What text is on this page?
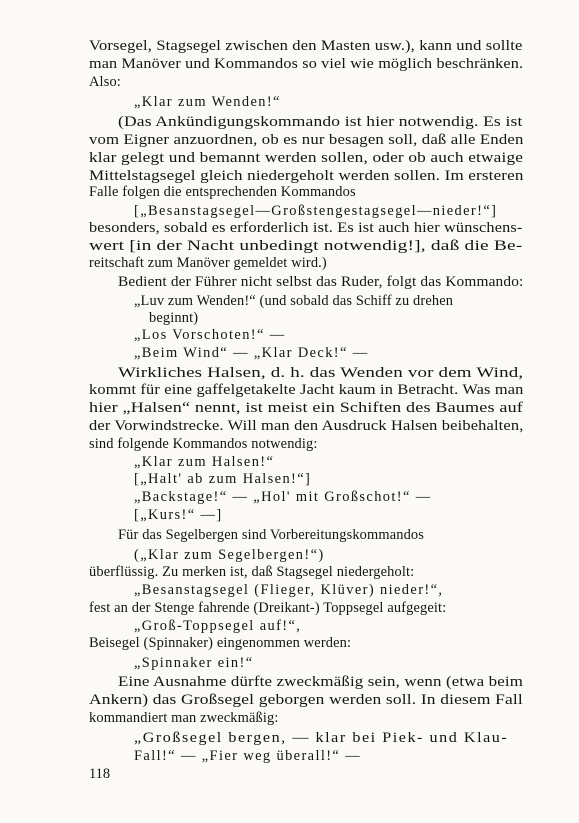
Vorsegel, Stagsegel zwischen den Masten usw.), kann und sollte
man Manöver und Kommandos so viel wie möglich beschränken.
Also:
„Klar zum Wenden!“
(Das Ankündigungskommando ist hier notwendig. Es ist
vom Eigner anzuordnen, ob es nur besagen soll, daß alle Enden
klar gelegt und bemannt werden sollen, oder ob auch etwaige
Mittelstagsegel gleich niedergeholt werden sollen. Im ersteren
Falle folgen die entsprechenden Kommandos
[„Besanstagsegel—Großstengestagsegel—nieder!“]
besonders, sobald es erforderlich ist. Es ist auch hier wünschens-
wert [in der Nacht unbedingt notwendig!], daß die Be-
reitschaft zum Manöver gemeldet wird.)
Bedient der Führer nicht selbst das Ruder, folgt das Kommando:
„Luv zum Wenden!“ (und sobald das Schiff zu drehen
beginnt)
„Los Vorschoten!“ —
„Beim Wind“ — „Klar Deck!“ —
Wirkliches Halsen, d. h. das Wenden vor dem Wind,
kommt für eine gaffelgetakelte Jacht kaum in Betracht. Was man
hier „Halsen“ nennt, ist meist ein Schiften des Baumes auf
der Vorwindstrecke. Will man den Ausdruck Halsen beibehalten,
sind folgende Kommandos notwendig:
„Klar zum Halsen!“
[„Halt' ab zum Halsen!“]
„Backstage!“ — „Hol' mit Großschot!“ —
[„Kurs!“ —]
Für das Segelbergen sind Vorbereitungskommandos
(„Klar zum Segelbergen!“)
überflüssig. Zu merken ist, daß Stagsegel niedergeholt:
„Besanstagsegel (Flieger, Klüver) nieder!“,
fest an der Stenge fahrende (Dreikant-) Toppsegel aufgegeit:
„Groß-Toppsegel auf!“,
Beisegel (Spinnaker) eingenommen werden:
„Spinnaker ein!“
Eine Ausnahme dürfte zweckmäßig sein, wenn (etwa beim
Ankern) das Großsegel geborgen werden soll. In diesem Fall
kommandiert man zweckmäßig:
„Großsegel bergen, — klar bei Piek- und Klau-
Fall!“ — „Fier weg überall!“ —
118
